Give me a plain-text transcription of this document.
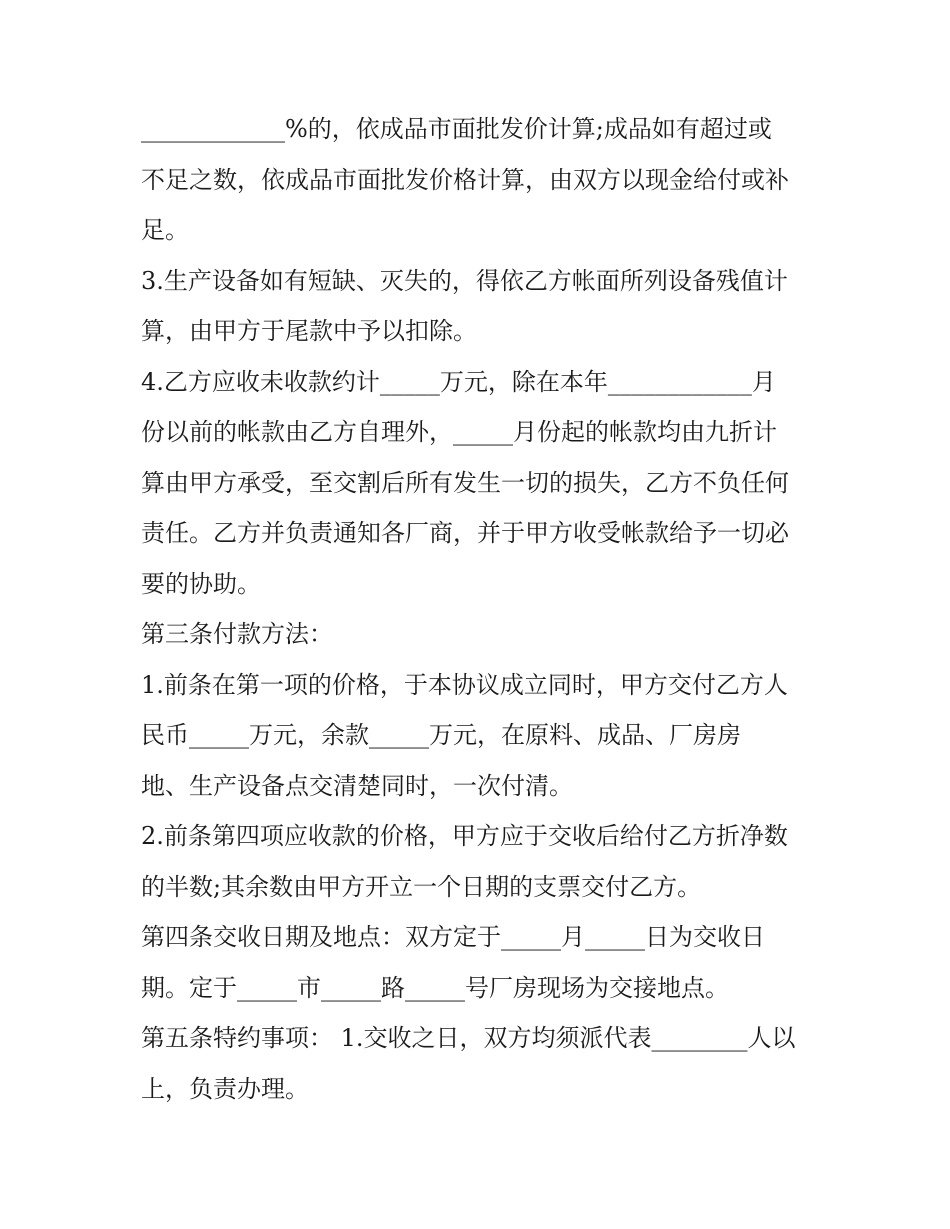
____________%的，依成品市面批发价计算;成品如有超过或
不足之数，依成品市面批发价格计算，由双方以现金给付或补
足。
3.生产设备如有短缺、灭失的，得依乙方帐面所列设备残值计
算，由甲方于尾款中予以扣除。
4.乙方应收未收款约计_____万元，除在本年____________月
份以前的帐款由乙方自理外，_____月份起的帐款均由九折计
算由甲方承受，至交割后所有发生一切的损失，乙方不负任何
责任。乙方并负责通知各厂商，并于甲方收受帐款给予一切必
要的协助。
第三条付款方法：
1.前条在第一项的价格，于本协议成立同时，甲方交付乙方人
民币_____万元，余款_____万元，在原料、成品、厂房房
地、生产设备点交清楚同时，一次付清。
2.前条第四项应收款的价格，甲方应于交收后给付乙方折净数
的半数;其余数由甲方开立一个日期的支票交付乙方。
第四条交收日期及地点：双方定于_____月_____日为交收日
期。定于_____市_____路_____号厂房现场为交接地点。
第五条特约事项： 1.交收之日，双方均须派代表________人以
上，负责办理。
